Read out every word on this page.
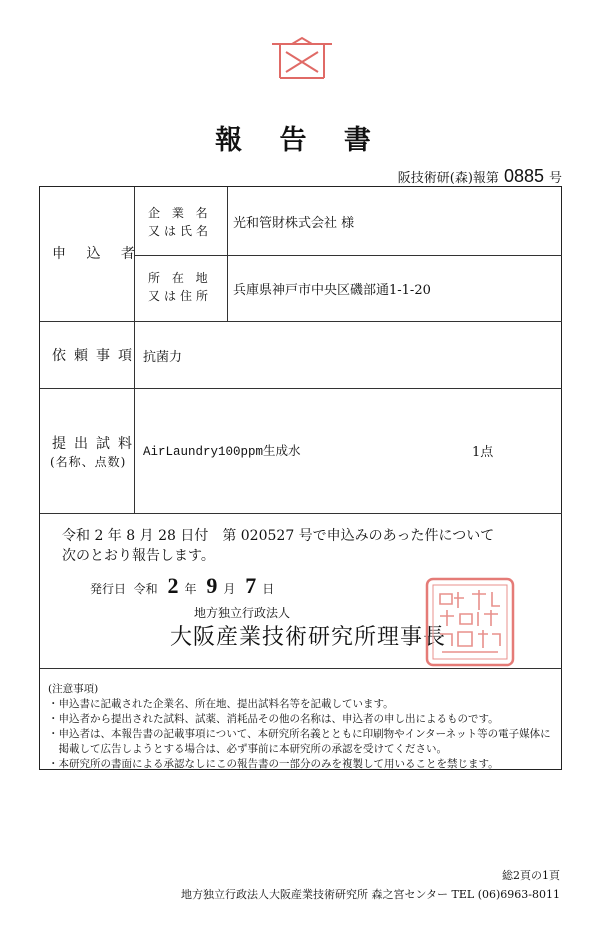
報 告 書
阪技術研(森)報第 0885 号
申 込 者
企 業 名
又は氏名 光和管財株式会社 様
所 在 地
又は住所 兵庫県神戸市中央区磯部通1-1-20
依頼事項 抗菌力
提出試料
(名称、点数)
AirLaundry100ppm生成水	1点
令和 2 年 8 月 28 日付　第 020527 号で申込みのあった件について
次のとおり報告します。
発行日 令和 2 年 9 月 7 日
地方独立行政法人
大阪産業技術研究所理事長
(注意事項)
・申込書に記載された企業名、所在地、提出試料名等を記載しています。
・申込者から提出された試料、試薬、消耗品その他の名称は、申込者の申し出によるものです。
・申込者は、本報告書の記載事項について、本研究所名義とともに印刷物やインターネット等の電子媒体に
　掲載して広告しようとする場合は、必ず事前に本研究所の承認を受けてください。
・本研究所の書面による承認なしにこの報告書の一部分のみを複製して用いることを禁じます。
総2頁の1頁
地方独立行政法人大阪産業技術研究所 森之宮センター TEL (06)6963-8011
